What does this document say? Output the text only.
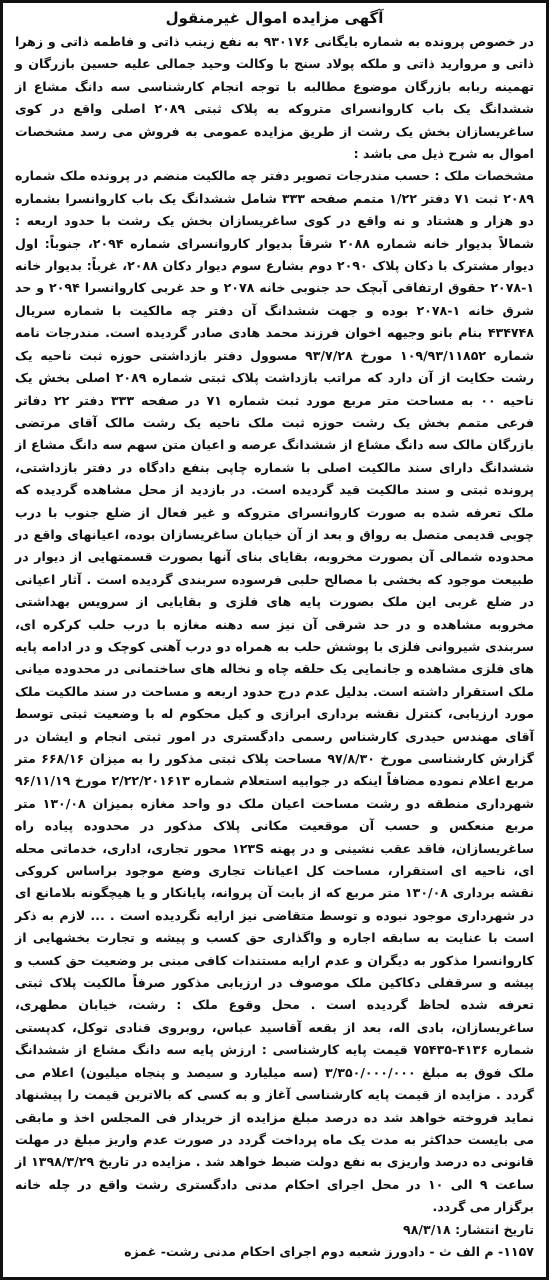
آگهی مزایده اموال غیرمنقول

در خصوص پرونده به شماره بایگانی ۹۳۰۱۷۶ به نفع زینب ذاتی و فاطمه ذاتی و زهرا ذاتی و مروارید ذاتی و ملکه پولاد سنج با وکالت وحید جمالی علیه حسین بازرگان و تهمینه ربابه بازرگان موضوع مطالبه با توجه انجام کارشناسی سه دانگ مشاع از ششدانگ یک باب کاروانسرای متروکه به پلاک ثبتی ۲۰۸۹ اصلی واقع در کوی ساغریسازان بخش یک رشت از طریق مزایده عمومی به فروش می رسد مشخصات اموال به شرح ذیل می باشد :

مشخصات ملک : حسب مندرجات تصویر دفتر چه مالکیت منضم در پرونده ملک شماره ۲۰۸۹ ثبت ۷۱ دفتر ۱/۲۲ متمم صفحه ۳۳۳ شامل ششدانگ یک باب کاروانسرا بشماره دو هزار و هشتاد و نه واقع در کوی ساغریسازان بخش یک رشت با حدود اربعه : شمالاً بدیوار خانه شماره ۲۰۸۸ شرقاً بدیوار کاروانسرای شماره ۲۰۹۴، جنوباً: اول دیوار مشترک با دکان پلاک ۲۰۹۰ دوم بشارع سوم دیوار دکان ۲۰۸۸، غرباً: بدیوار خانه ۱-۲۰۷۸ حقوق ارتفاقی آبچک حد جنوبی خانه ۲۰۷۸ و حد غربی کاروانسرا ۲۰۹۴ و حد شرق خانه ۱-۲۰۷۸ بوده و جهت ششدانگ آن دفتر چه مالکیت با شماره سریال ۴۳۴۷۴۸ بنام بانو وجیهه اخوان فرزند محمد هادی صادر گردیده است. مندرجات نامه شماره ۱۰۹/۹۳/۱۱۸۵۲ مورخ ۹۳/۷/۲۸ مسوول دفتر بازداشتی حوزه ثبت ناحیه یک رشت حکایت از آن دارد که مراتب بازداشت پلاک ثبتی شماره ۲۰۸۹ اصلی بخش یک ناحیه ۰۰ به مساحت متر مربع مورد ثبت شماره ۷۱ در صفحه ۳۳۳ دفتر ۲۲ دفاتر فرعی متمم بخش یک رشت حوزه ثبت ملک ناحیه یک رشت مالک آقای مرتضی بازرگان مالک سه دانگ مشاع از ششدانگ عرصه و اعیان متن سهم سه دانگ مشاع از ششدانگ دارای سند مالکیت اصلی با شماره چاپی بنفع دادگاه در دفتر بازداشتی، پرونده ثبتی و سند مالکیت قید گردیده است. در بازدید از محل مشاهده گردیده که ملک تعرفه شده به صورت کاروانسرای متروکه و غیر فعال از ضلع جنوب با درب چوبی قدیمی متصل به رواق و بعد از آن خیابان ساغریسازان بوده، اعیانهای واقع در محدوده شمالی آن بصورت مخروبه، بقایای بنای آنها بصورت قسمتهایی از دیوار در طبیعت موجود که بخشی با مصالح حلبی فرسوده سربندی گردیده است . آثار اعیانی در ضلع غربی این ملک بصورت پایه های فلزی و بقایایی از سرویس بهداشتی مخروبه مشاهده و در حد شرقی آن نیز سه دهنه مغازه با درب حلب کرکره ای، سربندی شیروانی فلزی با پوشش حلب به همراه دو درب آهنی کوچک و در ادامه پایه های فلزی مشاهده و جانمایی یک حلقه چاه و نخاله های ساختمانی در محدوده میانی ملک استقرار داشته است. بدلیل عدم درج حدود اربعه و مساحت در سند مالکیت ملک مورد ارزیابی، کنترل نقشه برداری ابرازی و کیل محکوم له با وضعیت ثبتی توسط آقای مهندس حیدری کارشناس رسمی دادگستری در امور ثبتی انجام و ایشان در گزارش کارشناسی مورخ ۹۷/۸/۳۰ مساحت پلاک ثبتی مذکور را به میزان ۶۶۸/۱۶ متر مربع اعلام نموده مضافاً اینکه در جوابیه استعلام شماره ۲/۲۲/۲۰۱۶۱۳ مورخ ۹۶/۱۱/۱۹ شهرداری منطقه دو رشت مساحت اعیان ملک دو واحد مغازه بمیزان ۱۳۰/۰۸ متر مربع منعکس و حسب آن موقعیت مکانی پلاک مذکور در محدوده پیاده راه ساغریسازان، فاقد عقب نشینی و در پهنه ۱۲۳S محور تجاری، اداری، خدماتی محله ای، ناحیه ای استقرار، مساحت کل اعیانات تجاری وضع موجود براساس کروکی نقشه برداری ۱۳۰/۰۸ متر مربع که از بابت آن پروانه، پایانکار و یا هیچگونه بلامانع ای در شهرداری موجود نبوده و توسط متقاضی نیز ارایه نگردیده است . ... لازم به ذکر است با عنایت به سابقه اجاره و واگذاری حق کسب و پیشه و تجارت بخشهایی از کاروانسرا مذکور به دیگران و عدم ارایه مستندات کافی مبنی بر وضعیت حق کسب و پیشه و سرقفلی دکاکین ملک موصوف در ارزیابی مذکور صرفاً مالکیت پلاک ثبتی تعرفه شده لحاظ گردیده است . محل وقوع ملک : رشت، خیابان مطهری، ساغریسازان، بادی اله، بعد از بقعه آقاسید عباس، روبروی قنادی توکل، کدپستی شماره ۴۱۳۶-۷۵۴۳۵ قیمت پایه کارشناسی : ارزش پایه سه دانگ مشاع از ششدانگ ملک فوق به مبلغ ۳/۳۵۰/۰۰۰/۰۰۰ (سه میلیارد و سیصد و پنجاه میلیون) اعلام می گردد . مزایده از قیمت پایه کارشناسی آغاز و به کسی که بالاترین قیمت را پیشنهاد نماید فروخته خواهد شد ده درصد مبلغ مزایده از خریدار فی المجلس اخذ و مابقی می بایست حداکثر به مدت یک ماه پرداخت گردد در صورت عدم واریز مبلغ در مهلت قانونی ده درصد واریزی به نفع دولت ضبط خواهد شد . مزایده در تاریخ ۱۳۹۸/۳/۲۹ از ساعت ۹ الی ۱۰ در محل اجرای احکام مدنی دادگستری رشت واقع در چله خانه برگزار می گردد.

تاریخ انتشار: ۹۸/۳/۱۸

۱۱۵۷- م الف ث - دادورز شعبه دوم اجرای احکام مدنی رشت- غمزه
